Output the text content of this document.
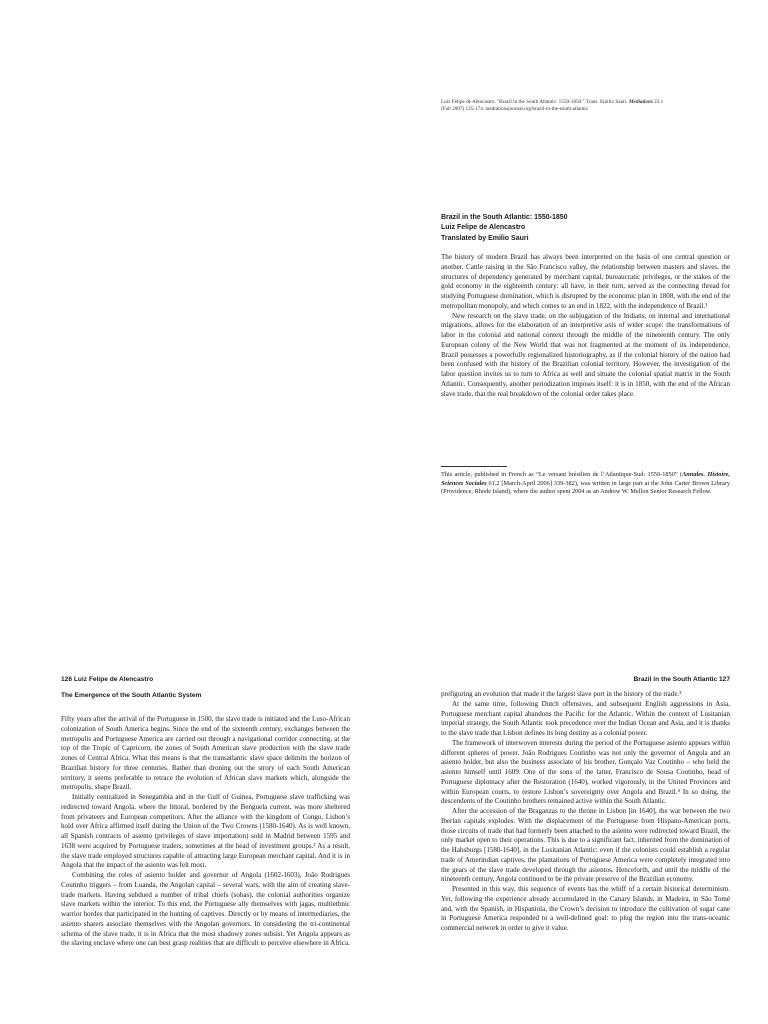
Luiz Felipe de Alencastro. "Brazil in the South Atlantic: 1550-1850." Trans. Emilio Sauri. Mediations 23.1
(Fall 2007) 125-174. mediationsjournal.org/brazil-in-the-south-atlantic
Brazil in the South Atlantic: 1550-1850
Luiz Felipe de Alencastro
Translated by Emilio Sauri

The history of modern Brazil has always been interpreted on the basis of one central question or another. Cattle raising in the São Francisco valley, the relationship between masters and slaves, the structures of dependency generated by merchant capital, bureaucratic privileges, or the stakes of the gold economy in the eighteenth century: all have, in their turn, served as the connecting thread for studying Portuguese domination, which is disrupted by the economic plan in 1808, with the end of the metropolitan monopoly, and which comes to an end in 1822, with the independence of Brazil.¹

New research on the slave trade, on the subjugation of the Indians, on internal and international migrations, allows for the elaboration of an interpretive axis of wider scope: the transformations of labor in the colonial and national context through the middle of the nineteenth century. The only European colony of the New World that was not fragmented at the moment of its independence, Brazil possesses a powerfully regionalized historiography, as if the colonial history of the nation had been confused with the history of the Brazilian colonial territory. However, the investigation of the labor question invites us to turn to Africa as well and situate the colonial spatial matrix in the South Atlantic. Consequently, another periodization imposes itself: it is in 1850, with the end of the African slave trade, that the real breakdown of the colonial order takes place.

This article, published in French as “Le versant brésilien de l’Atlantique-Sud: 1550-1850” (Annales. Histoire, Sciences Sociales 61.2 [March-April 2006] 339-382), was written in large part at the John Carter Brown Library (Providence, Rhode Island), where the author spent 2004 as an Andrew W. Mellon Senior Research Fellow.
126 Luiz Felipe de Alencastro	Brazil in the South Atlantic 127
The Emergence of the South Atlantic System

Fifty years after the arrival of the Portuguese in 1500, the slave trade is initiated and the Luso-African colonization of South America begins. Since the end of the sixteenth century, exchanges between the metropolis and Portuguese America are carried out through a navigational corridor connecting, at the top of the Tropic of Capricorn, the zones of South American slave production with the slave trade zones of Central Africa. What this means is that the transatlantic slave space delimits the horizon of Brazilian history for three centuries. Rather than droning out the strory of each South American territory, it seems preferable to retrace the evolution of African slave markets which, alongside the metropolis, shape Brazil.

Initially centralized in Senegambia and in the Gulf of Guinea, Portuguese slave trafficking was redirected toward Angola, where the littoral, bordered by the Benguela current, was more sheltered from privateers and European competitors. After the alliance with the kingdom of Congo, Lisbon’s hold over Africa affirmed itself during the Union of the Two Crowns (1580-1640). As is well known, all Spanish contracts of asiento (privileges of slave importation) sold in Madrid between 1595 and 1638 were acquired by Portuguese traders, sometimes at the head of investment groups.² As a result, the slave trade employed structures capable of attracting large European merchant capital. And it is in Angola that the impact of the asiento was felt most.

Combining the roles of asiento holder and governor of Angola (1602-1603), João Rodrigues Coutinho triggers – from Luanda, the Angolan capital – several wars, with the aim of creating slave-trade markets. Having subdued a number of tribal chiefs (sobas), the colonial authorities organize slave markets within the interior. To this end, the Portuguese ally themselves with jagas, multiethnic warrior hordes that participated in the hunting of captives. Directly or by means of intermediaries, the asiento sharers associate themselves with the Angolan governors. In considering the tri-continental schema of the slave trade, it is in Africa that the most shadowy zones subsist. Yet Angola appears as the slaving enclave where one can best grasp realities that are difficult to perceive elsewhere in Africa.

prefiguring an evolution that made it the largest slave port in the history of the trade.³

At the same time, following Dutch offensives, and subsequent English aggressions in Asia, Portuguese merchant capital abandons the Pacific for the Atlantic. Within the context of Lusitanian imperial strategy, the South Atlantic took precedence over the Indian Ocean and Asia, and it is thanks to the slave trade that Lisbon defines its long destiny as a colonial power.

The framework of interwoven interests during the period of the Portuguese asiento appears within different spheres of power. João Rodrigues Coutinho was not only the governor of Angola and an asiento holder, but also the business associate of his brother, Gonçalo Vaz Coutinho – who held the asiento himself until 1609. One of the sons of the latter, Francisco de Sousa Coutinho, head of Portuguese diplomacy after the Restoration (1640), worked vigorously, in the United Provinces and within European courts, to restore Lisbon’s sovereignty over Angola and Brazil.⁴ In so doing, the descendents of the Coutinho brothers remained active within the South Atlantic.

After the accession of the Braganzas to the throne in Lisbon [in 1640], the war between the two Iberian capitals explodes. With the displacement of the Portuguese from Hispano-American ports, those circuits of trade that had formerly been attached to the asiento were redirected toward Brazil, the only market open to their operations. This is due to a significant fact, inherited from the domination of the Habsburgs [1580-1640], in the Lusitanian Atlantic: even if the colonists could establish a regular trade of Amerindian captives, the plantations of Portuguese America were completely integrated into the gears of the slave trade developed through the asientos. Henceforth, and until the middle of the nineteenth century, Angola continued to be the private preserve of the Brazilian economy.

Presented in this way, this sequence of events has the whiff of a certain historical determinism. Yet, following the experience already accumulated in the Canary Islands, in Madeira, in São Tomé and, with the Spanish, in Hispaniola, the Crown’s decision to introduce the cultivation of sugar cane in Portuguese America responded to a well-defined goal: to plug the region into the trans-oceanic commercial network in order to give it value.
